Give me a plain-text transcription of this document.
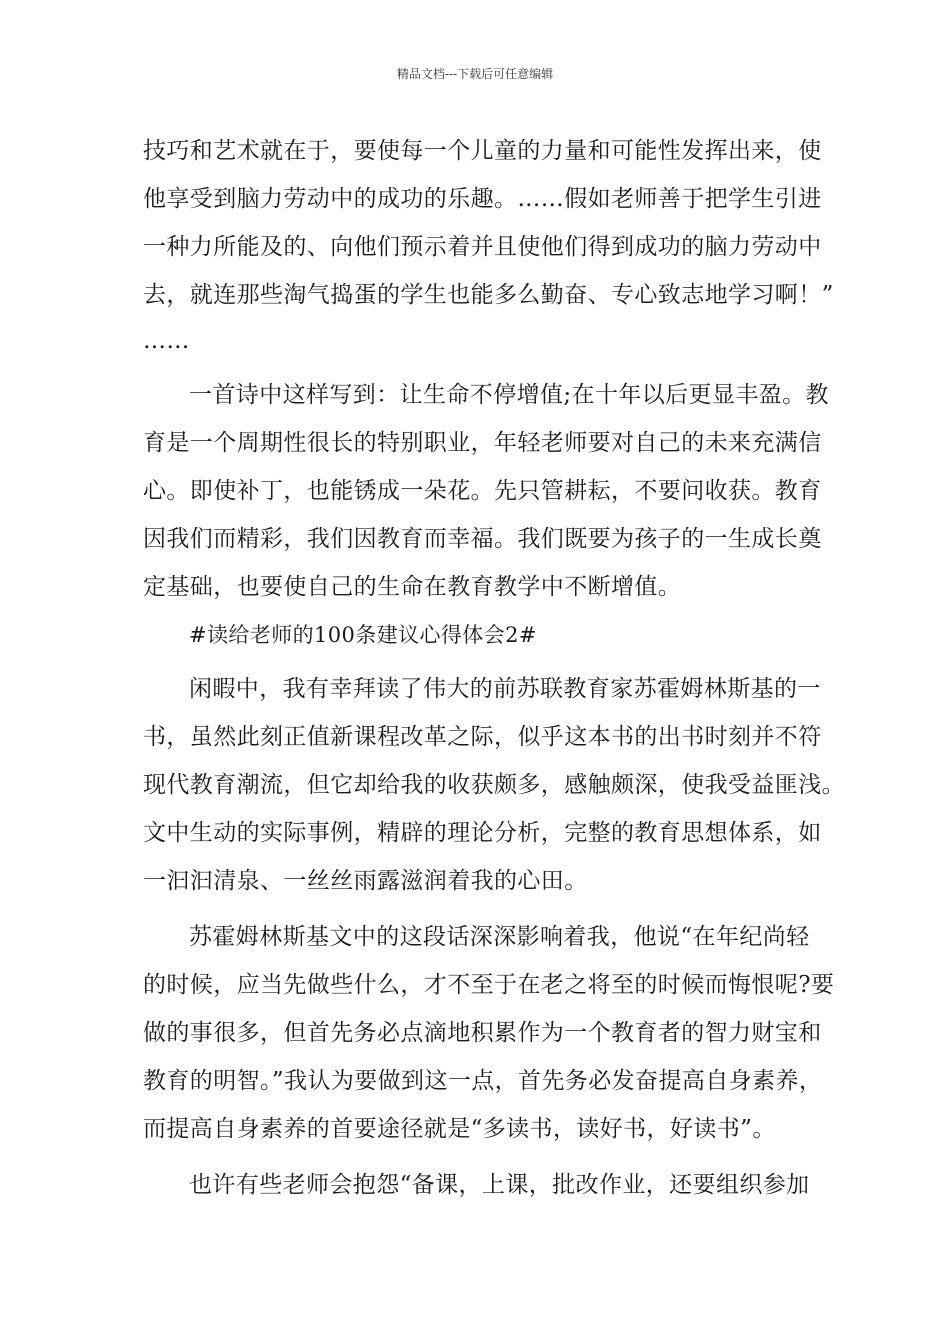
精品文档---下载后可任意编辑
技巧和艺术就在于，要使每一个儿童的力量和可能性发挥出来，使
他享受到脑力劳动中的成功的乐趣。……假如老师善于把学生引进
一种力所能及的、向他们预示着并且使他们得到成功的脑力劳动中
去，就连那些淘气捣蛋的学生也能多么勤奋、专心致志地学习啊！”
……
一首诗中这样写到：让生命不停增值;在十年以后更显丰盈。教
育是一个周期性很长的特别职业，年轻老师要对自己的未来充满信
心。即使补丁，也能锈成一朵花。先只管耕耘，不要问收获。教育
因我们而精彩，我们因教育而幸福。我们既要为孩子的一生成长奠
定基础，也要使自己的生命在教育教学中不断增值。
#读给老师的100条建议心得体会2#
闲暇中，我有幸拜读了伟大的前苏联教育家苏霍姆林斯基的一
书，虽然此刻正值新课程改革之际，似乎这本书的出书时刻并不符
现代教育潮流，但它却给我的收获颇多，感触颇深，使我受益匪浅。
文中生动的实际事例，精辟的理论分析，完整的教育思想体系，如
一汩汩清泉、一丝丝雨露滋润着我的心田。
苏霍姆林斯基文中的这段话深深影响着我，他说“在年纪尚轻
的时候，应当先做些什么，才不至于在老之将至的时候而悔恨呢?要
做的事很多，但首先务必点滴地积累作为一个教育者的智力财宝和
教育的明智。”我认为要做到这一点，首先务必发奋提高自身素养，
而提高自身素养的首要途径就是“多读书，读好书，好读书”。
也许有些老师会抱怨“备课，上课，批改作业，还要组织参加
